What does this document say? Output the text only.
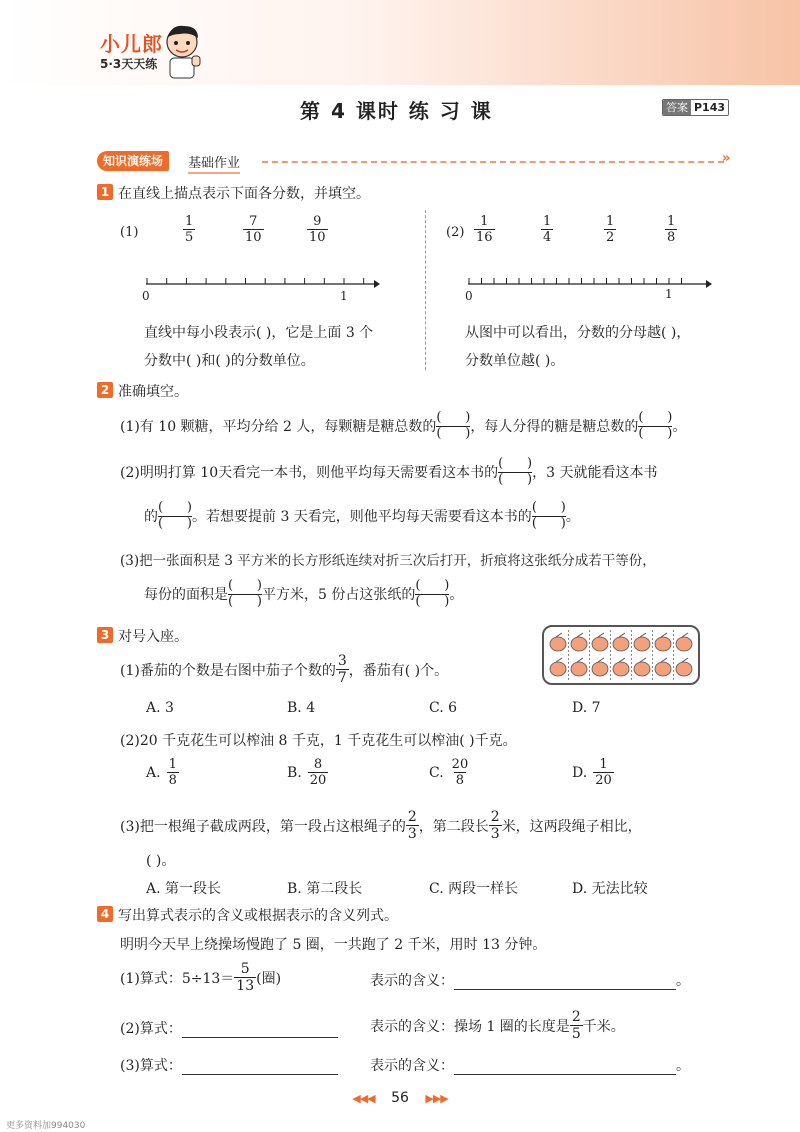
小儿郎
5·3天天练
第 4 课时 练 习 课	答案 P143
知识演练场	基础作业	»
1 在直线上描点表示下面各分数，并填空。
(1)	$\frac{1}{5}$	$\frac{7}{10}$	$\frac{9}{10}$
0	1
直线中每小段表示( )，它是上面 3 个
分数中( )和( )的分数单位。
$(2) \frac{1}{16}$	$\frac{1}{4}$	$\frac{1}{2}$	$\frac{1}{8}$
0	1
从图中可以看出，分数的分母越( )，
分数单位越( )。
2 准确填空。
(1)有 10 颗糖，平均分给 2 人，每颗糖是糖总数的 ( ) ( ) ，每人分得的糖是糖总数的 ( ) ( ) 。
(2)明明打算 10天看完一本书，则他平均每天需要看这本书的 ( ) ( ) ，3 天就能看这本书
的 ( ) ( ) 。若想要提前 3 天看完，则他平均每天需要看这本书的 ( ) ( ) 。
(3)把一张面积是 3 平方米的长方形纸连续对折三次后打开，折痕将这张纸分成若干等份，
每份的面积是 ( ) ( ) 平方米，5 份占这张纸的 ( ) ( ) 。
3 对号入座。
(1)番茄的个数是右图中茄子个数的 $\frac{3}{7}$ ，番茄有( )个。
A. 3	B. 4	C. 6	D. 7
(2)20 千克花生可以榨油 8 千克，1 千克花生可以榨油( )千克。
A. $\frac{1}{8}$	B. $\frac{8}{20}$	C. $\frac{20}{8}$	D. $\frac{1}{20}$
(3)把一根绳子截成两段，第一段占这根绳子的 $\frac{2}{3}$ ，第二段长 $\frac{2}{3}$ 米，这两段绳子相比，
( )。
A. 第一段长	B. 第二段长	C. 两段一样长	D. 无法比较
4 写出算式表示的含义或根据表示的含义列式。
明明今天早上绕操场慢跑了 5 圈，一共跑了 2 千米，用时 13 分钟。
(1)算式：$5\div 13= \frac{5}{13}$ (圈)	表示的含义：	。
(2)算式：	表示的含义：操场 1 圈的长度是 $\frac{2}{5}$ 千米。
(3)算式：	表示的含义：	。
◀◀◀ 56 ▶▶▶
更多资料加994030
